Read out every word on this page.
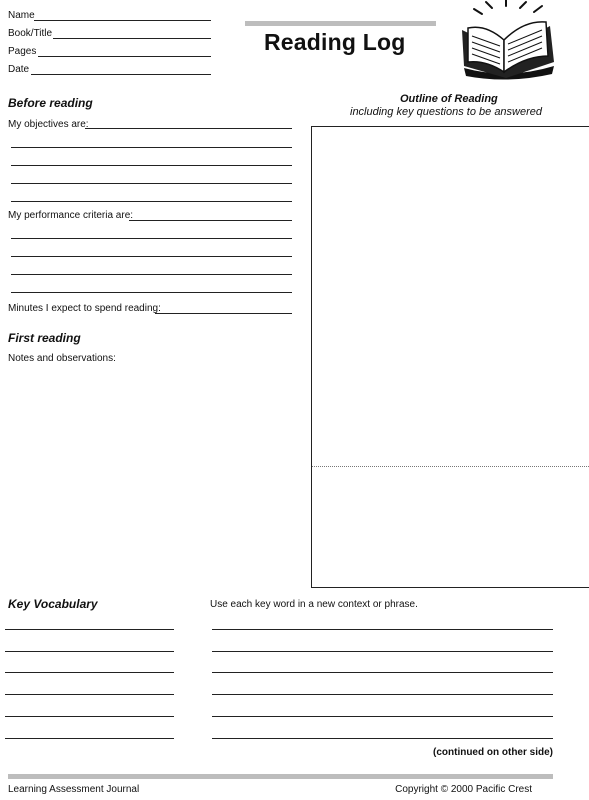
Name
Book/Title
Pages
Date
Reading Log
Before reading
My objectives are:
My performance criteria are:
Minutes I expect to spend reading:
First reading
Notes and observations:
Outline of Reading
including key questions to be answered
Key Vocabulary	Use each key word in a new context or phrase.
(continued on other side)
Learning Assessment Journal	Copyright © 2000 Pacific Crest
